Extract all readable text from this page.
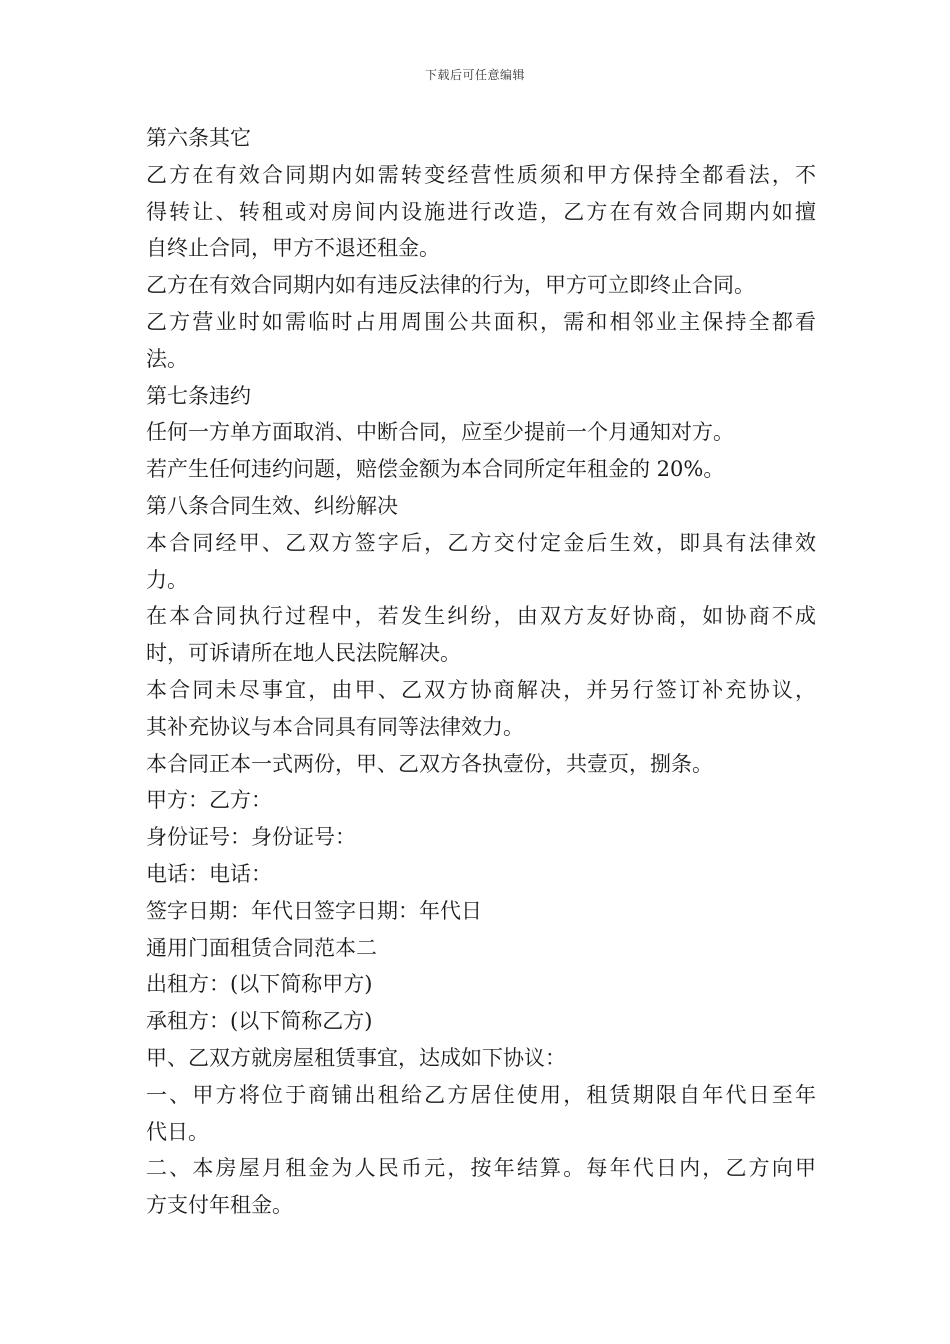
下载后可任意编辑
第六条其它
乙方在有效合同期内如需转变经营性质须和甲方保持全都看法，不
得转让、转租或对房间内设施进行改造，乙方在有效合同期内如擅
自终止合同，甲方不退还租金。
乙方在有效合同期内如有违反法律的行为，甲方可立即终止合同。
乙方营业时如需临时占用周围公共面积，需和相邻业主保持全都看
法。
第七条违约
任何一方单方面取消、中断合同，应至少提前一个月通知对方。
若产生任何违约问题，赔偿金额为本合同所定年租金的 20%。
第八条合同生效、纠纷解决
本合同经甲、乙双方签字后，乙方交付定金后生效，即具有法律效
力。
在本合同执行过程中，若发生纠纷，由双方友好协商，如协商不成
时，可诉请所在地人民法院解决。
本合同未尽事宜，由甲、乙双方协商解决，并另行签订补充协议，
其补充协议与本合同具有同等法律效力。
本合同正本一式两份，甲、乙双方各执壹份，共壹页，捌条。
甲方：乙方：
身份证号：身份证号：
电话：电话：
签字日期：年代日签字日期：年代日
通用门面租赁合同范本二
出租方：(以下简称甲方)
承租方：(以下简称乙方)
甲、乙双方就房屋租赁事宜，达成如下协议：
一、甲方将位于商铺出租给乙方居住使用，租赁期限自年代日至年
代日。
二、本房屋月租金为人民币元，按年结算。每年代日内，乙方向甲
方支付年租金。
